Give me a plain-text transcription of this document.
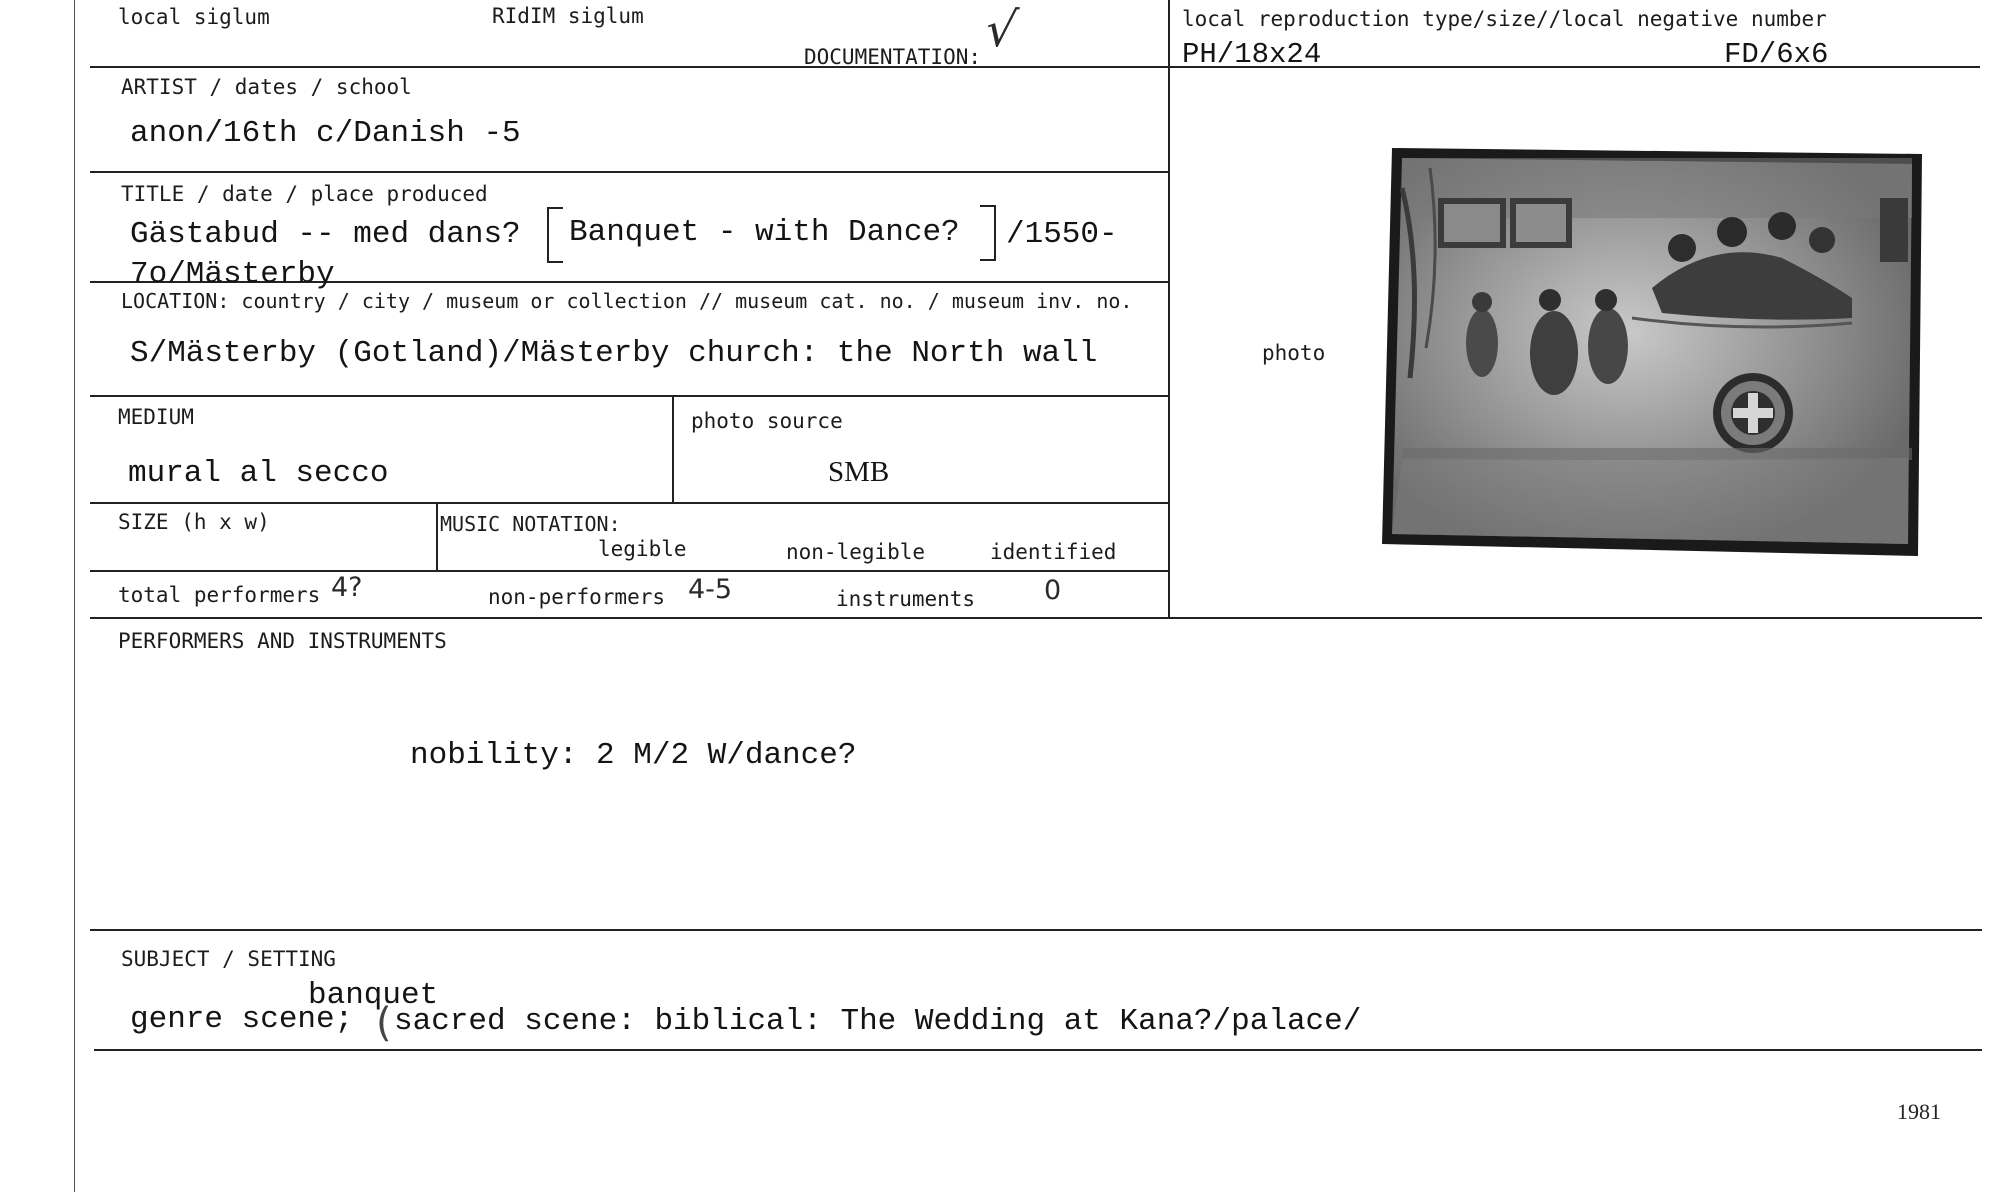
local siglum	RIdIM siglum
DOCUMENTATION: √	local reproduction type/size//local negative number
PH/18x24	FD/6x6
ARTIST / dates / school
anon/16th c/Danish -5
TITLE / date / place produced
Gästabud -- med dans? Banquet - with Dance? /1550-
7o/Mästerby
LOCATION: country / city / museum or collection // museum cat. no. / museum inv. no.
S/Mästerby (Gotland)/Mästerby church: the North wall
MEDIUM
mural al secco
photo source
SMB
SIZE (h x w)	MUSIC NOTATION:
legible	non-legible	identified
total performers 4?	non-performers 4-5	instruments	0
photo
PERFORMERS AND INSTRUMENTS
nobility: 2 M/2 W/dance?
SUBJECT / SETTING
banquet
genre scene; ( sacred scene: biblical: The Wedding at Kana?/palace/
1981
